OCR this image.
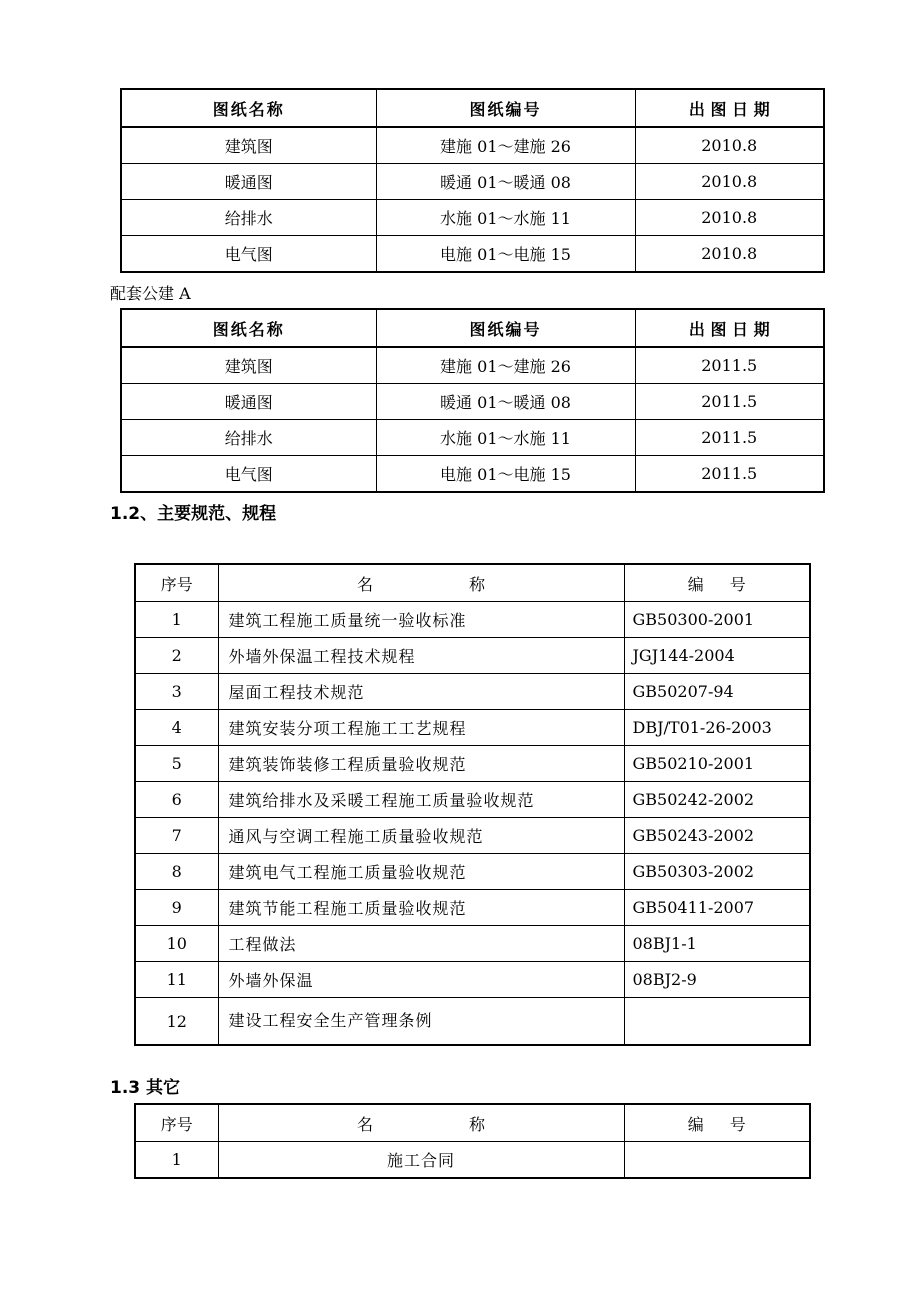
图纸名称	图纸编号	出 图 日 期
建筑图	建施 01～建施 26	2010.8
暖通图	暖通 01～暖通 08	2010.8
给排水	水施 01～水施 11	2010.8
电气图	电施 01～电施 15	2010.8
配套公建 A
图纸名称	图纸编号	出 图 日 期
建筑图	建施 01～建施 26	2011.5
暖通图	暖通 01～暖通 08	2011.5
给排水	水施 01～水施 11	2011.5
电气图	电施 01～电施 15	2011.5
1.2、主要规范、规程
序号	名 称	编 号
1	建筑工程施工质量统一验收标准	GB50300-2001
2	外墙外保温工程技术规程	JGJ144-2004
3	屋面工程技术规范	GB50207-94
4	建筑安装分项工程施工工艺规程	DBJ/T01-26-2003
5	建筑装饰装修工程质量验收规范	GB50210-2001
6	建筑给排水及采暖工程施工质量验收规范	GB50242-2002
7	通风与空调工程施工质量验收规范	GB50243-2002
8	建筑电气工程施工质量验收规范	GB50303-2002
9	建筑节能工程施工质量验收规范	GB50411-2007
10	工程做法	08BJ1-1
11	外墙外保温	08BJ2-9
12	建设工程安全生产管理条例	
1.3 其它
序号	名 称	编 号
1	施工合同	
